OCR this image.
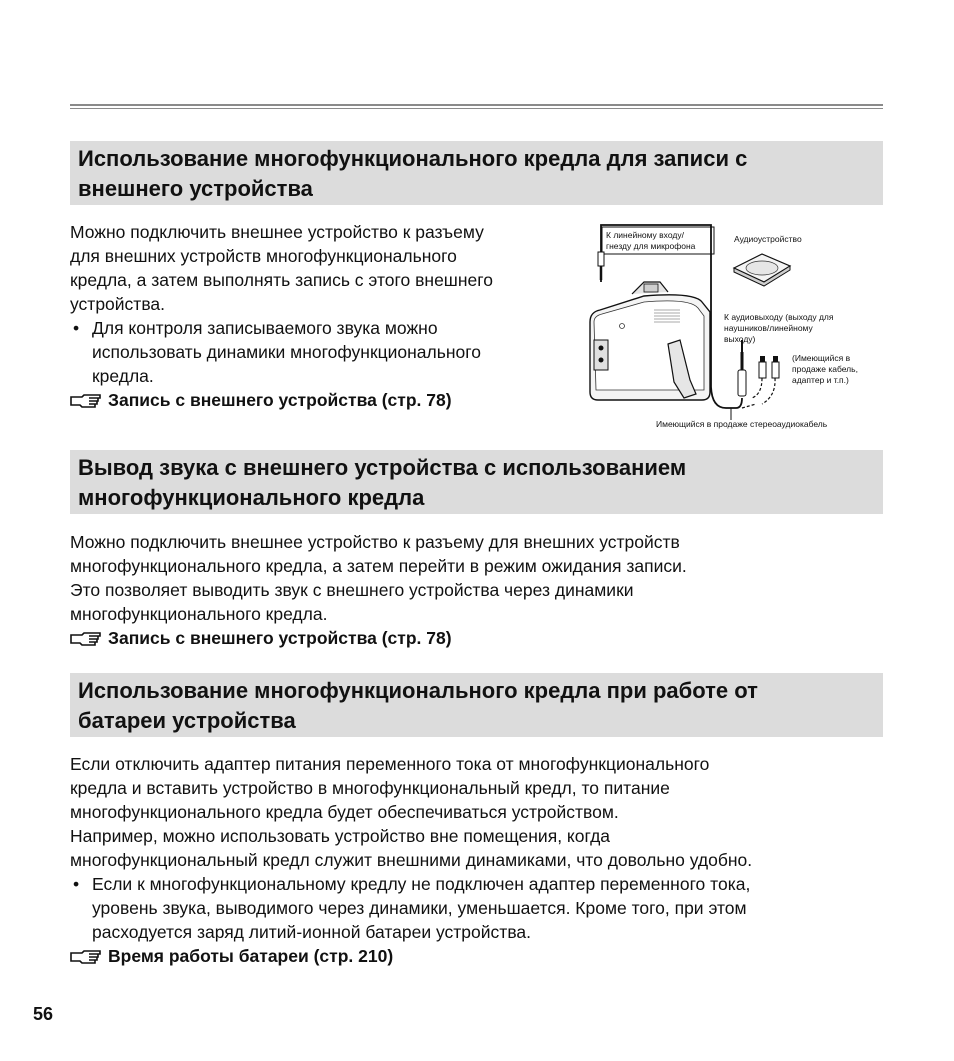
Использование многофункционального кредла для записи с
внешнего устройства

Можно подключить внешнее устройство к разъему

для внешних устройств многофункционального

кредла, а затем выполнять запись с этого внешнего

устройства.

• Для контроля записываемого звука можно

использовать динамики многофункционального

кредла.

Запись с внешнего устройства (стр. 78)
К линейному входу/
гнезду для микрофона
Аудиоустройство
К аудиовыходу (выходу для
наушников/линейному
выходу)
(Имеющийся в
продаже кабель,
адаптер и т.п.)
Имеющийся в продаже стереоаудиокабель
Вывод звука с внешнего устройства с использованием
многофункционального кредла

Можно подключить внешнее устройство к разъему для внешних устройств

многофункционального кредла, а затем перейти в режим ожидания записи.

Это позволяет выводить звук с внешнего устройства через динамики

многофункционального кредла.

Запись с внешнего устройства (стр. 78)
Использование многофункционального кредла при работе от
батареи устройства

Если отключить адаптер питания переменного тока от многофункционального

кредла и вставить устройство в многофункциональный кредл, то питание

многофункционального кредла будет обеспечиваться устройством.

Например, можно использовать устройство вне помещения, когда

многофункциональный кредл служит внешними динамиками, что довольно удобно.

• Если к многофункциональному кредлу не подключен адаптер переменного тока,

уровень звука, выводимого через динамики, уменьшается. Кроме того, при этом

расходуется заряд литий-ионной батареи устройства.

Время работы батареи (стр. 210)
56
